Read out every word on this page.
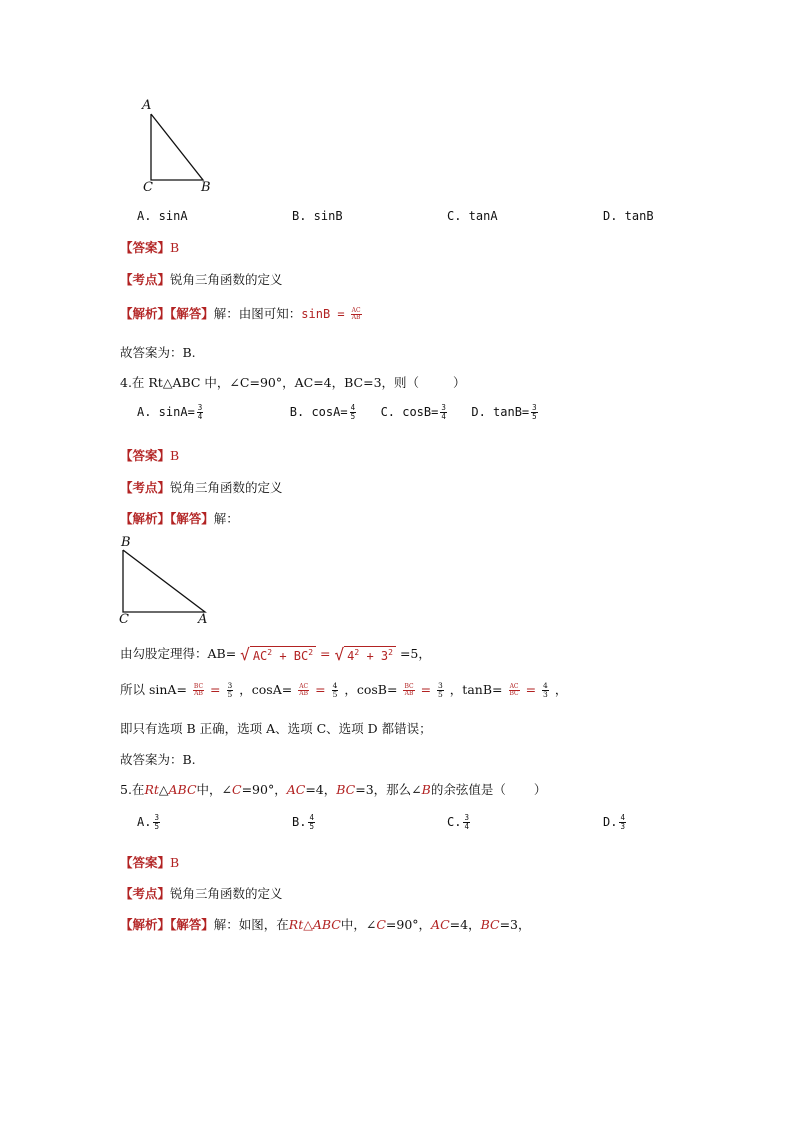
A
C	B
A. sinA	B. sinB	C. tanA	D. tanB
【答案】B
【考点】锐角三角函数的定义
【解析】【解答】解：由图可知：$\sin B = \frac{AC}{AB}$
故答案为：B.
4.在 Rt△ABC 中，∠C=90°，AC=4，BC=3，则（	）
A. $\sin A= \frac{3}{4}$	B. $\cos A= \frac{4}{5} C$. $\cos B= \frac{3}{4} D$. $\tan B= \frac{3}{5}$
【答案】B
【考点】锐角三角函数的定义
【解析】【解答】解：
B
C	A
由勾股定理得：AB= √ $AC^2 + BC^2$ = √ $4^2 + 3^2 =5$，
所以 $\sin A= \frac{BC}{AB} = \frac{3}{5}$ ，$\cos A= \frac{AC}{AB} = \frac{4}{5}$ ，$\cos B= \frac{BC}{AB} = \frac{3}{5}$ ，$\tan B= \frac{AC}{BC} = \frac{4}{3}$ ，
即只有选项 B 正确，选项 A、选项 C、选项 D 都错误；
故答案为：B.
5.在Rt△ABC中，∠C=90°，AC=4，BC=3，那么∠B的余弦值是（ ）
A. $\frac{3}{5}$	B. $\frac{4}{5}$	C. $\frac{3}{4}$	D. $\frac{4}{3}$
【答案】B
【考点】锐角三角函数的定义
【解析】【解答】解：如图，在Rt△ABC中，∠C=90°，AC=4，BC=3，
